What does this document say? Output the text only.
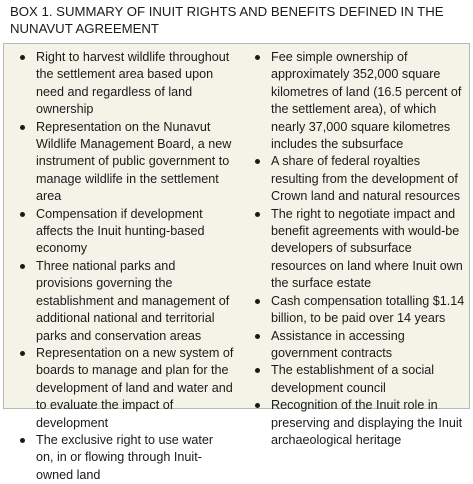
BOX 1. SUMMARY OF INUIT RIGHTS AND BENEFITS DEFINED IN THE NUNAVUT AGREEMENT
Right to harvest wildlife throughout the settlement area based upon need and regardless of land ownership
Representation on the Nunavut Wildlife Management Board, a new instrument of public government to manage wildlife in the settlement area
Compensation if development affects the Inuit hunting-based economy
Three national parks and provisions governing the establishment and management of additional national and territorial parks and conservation areas
Representation on a new system of boards to manage and plan for the development of land and water and to evaluate the impact of development
The exclusive right to use water on, in or flowing through Inuit-owned land
Fee simple ownership of approximately 352,000 square kilometres of land (16.5 percent of the settlement area), of which nearly 37,000 square kilometres includes the subsurface
A share of federal royalties resulting from the development of Crown land and natural resources
The right to negotiate impact and benefit agreements with would-be developers of subsurface resources on land where Inuit own the surface estate
Cash compensation totalling $1.14 billion, to be paid over 14 years
Assistance in accessing government contracts
The establishment of a social development council
Recognition of the Inuit role in preserving and displaying the Inuit archaeological heritage
